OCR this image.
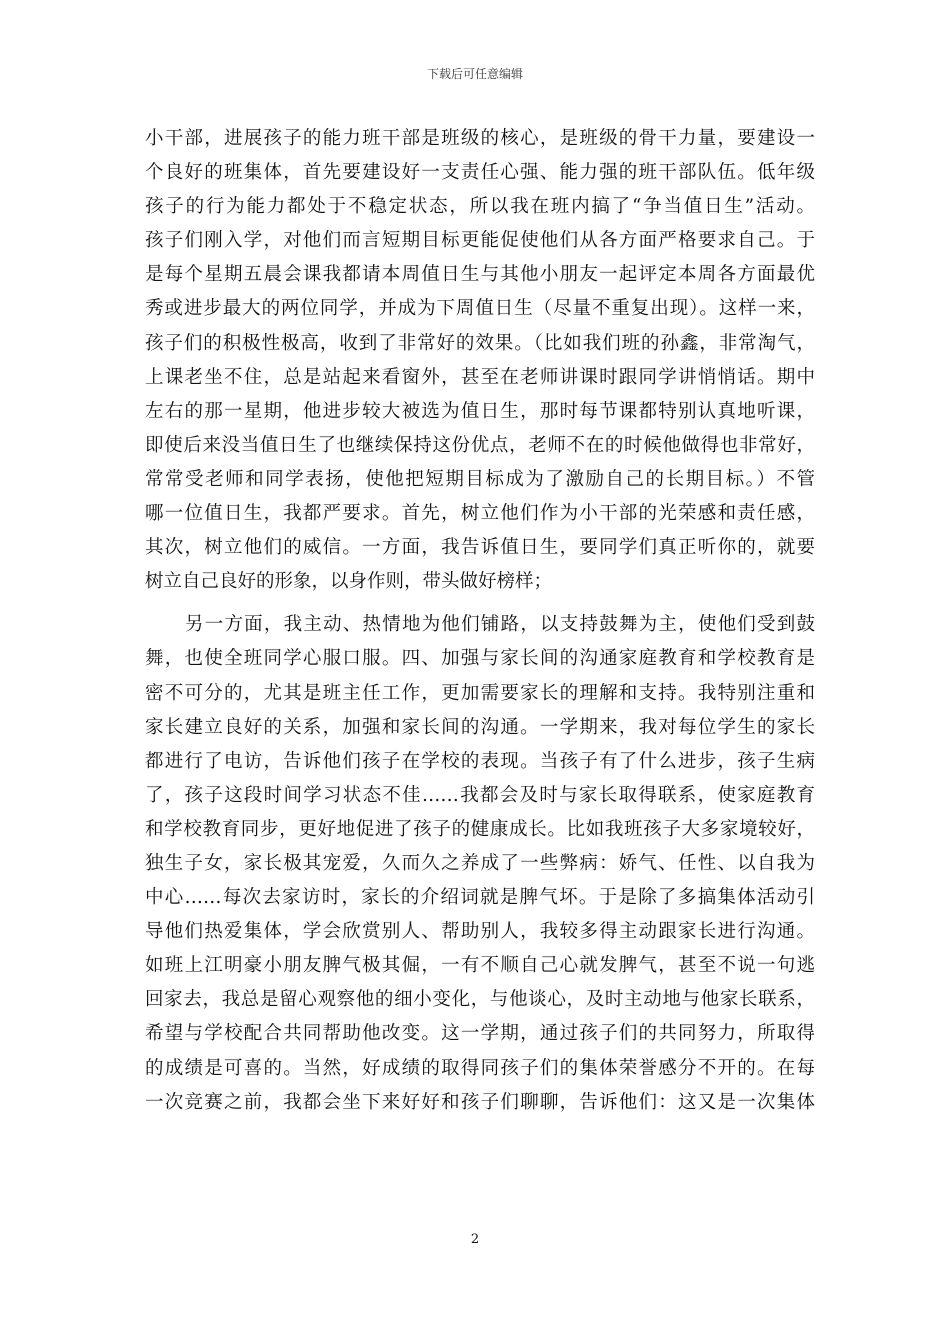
下载后可任意编辑
小干部，进展孩子的能力班干部是班级的核心，是班级的骨干力量，要建设一
个良好的班集体，首先要建设好一支责任心强、能力强的班干部队伍。低年级
孩子的行为能力都处于不稳定状态，所以我在班内搞了“争当值日生”活动。
孩子们刚入学，对他们而言短期目标更能促使他们从各方面严格要求自己。于
是每个星期五晨会课我都请本周值日生与其他小朋友一起评定本周各方面最优
秀或进步最大的两位同学，并成为下周值日生（尽量不重复出现）。这样一来，
孩子们的积极性极高，收到了非常好的效果。（比如我们班的孙鑫，非常淘气，
上课老坐不住，总是站起来看窗外，甚至在老师讲课时跟同学讲悄悄话。期中
左右的那一星期，他进步较大被选为值日生，那时每节课都特别认真地听课，
即使后来没当值日生了也继续保持这份优点，老师不在的时候他做得也非常好，
常常受老师和同学表扬，使他把短期目标成为了激励自己的长期目标。）不管
哪一位值日生，我都严要求。首先，树立他们作为小干部的光荣感和责任感，
其次，树立他们的威信。一方面，我告诉值日生，要同学们真正听你的，就要
树立自己良好的形象，以身作则，带头做好榜样；
另一方面，我主动、热情地为他们铺路，以支持鼓舞为主，使他们受到鼓
舞，也使全班同学心服口服。四、加强与家长间的沟通家庭教育和学校教育是
密不可分的，尤其是班主任工作，更加需要家长的理解和支持。我特别注重和
家长建立良好的关系，加强和家长间的沟通。一学期来，我对每位学生的家长
都进行了电访，告诉他们孩子在学校的表现。当孩子有了什么进步，孩子生病
了，孩子这段时间学习状态不佳……我都会及时与家长取得联系，使家庭教育
和学校教育同步，更好地促进了孩子的健康成长。比如我班孩子大多家境较好，
独生子女，家长极其宠爱，久而久之养成了一些弊病：娇气、任性、以自我为
中心……每次去家访时，家长的介绍词就是脾气坏。于是除了多搞集体活动引
导他们热爱集体，学会欣赏别人、帮助别人，我较多得主动跟家长进行沟通。
如班上江明豪小朋友脾气极其倔，一有不顺自己心就发脾气，甚至不说一句逃
回家去，我总是留心观察他的细小变化，与他谈心，及时主动地与他家长联系，
希望与学校配合共同帮助他改变。这一学期，通过孩子们的共同努力，所取得
的成绩是可喜的。当然，好成绩的取得同孩子们的集体荣誉感分不开的。在每
一次竞赛之前，我都会坐下来好好和孩子们聊聊，告诉他们：这又是一次集体
2
